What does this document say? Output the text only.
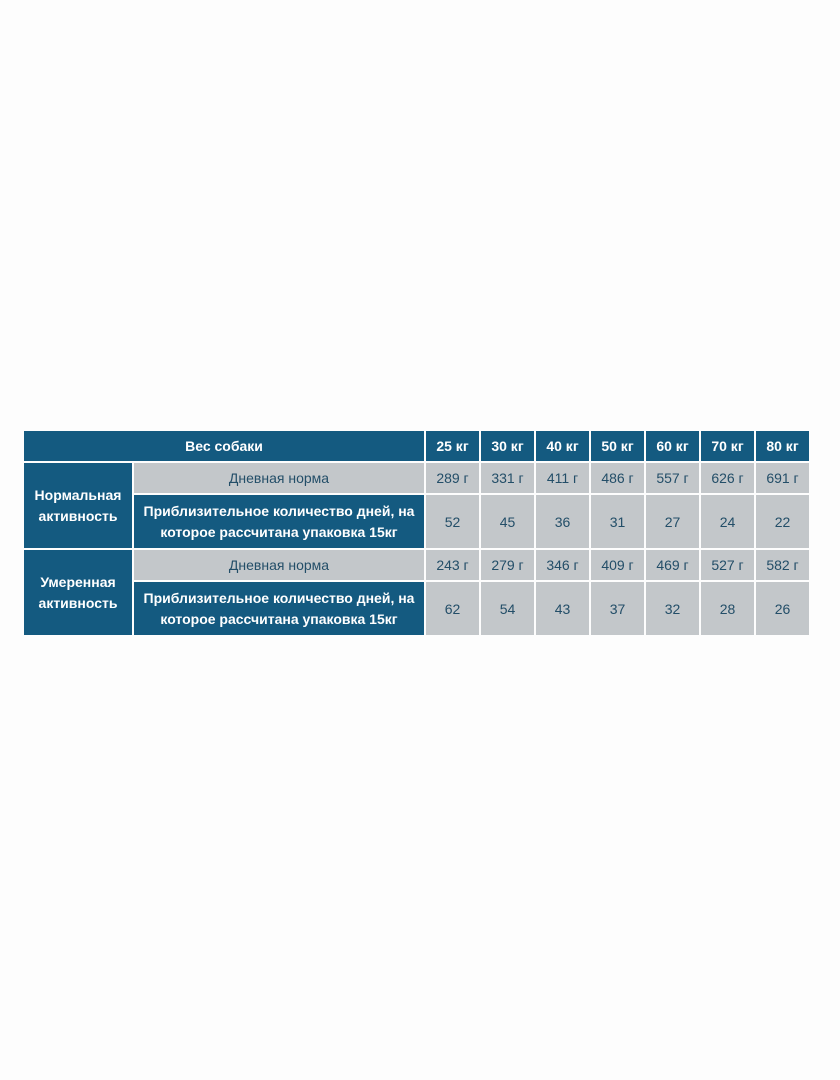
Вес собаки		25 кг	30 кг	40 кг	50 кг	60 кг	70 кг	80 кг
Нормальная активность	Дневная норма	289 г	331 г	411 г	486 г	557 г	626 г	691 г
	Приблизительное количество дней, на которое рассчитана упаковка 15кг	52	45	36	31	27	24	22
Умеренная активность	Дневная норма	243 г	279 г	346 г	409 г	469 г	527 г	582 г
	Приблизительное количество дней, на которое рассчитана упаковка 15кг	62	54	43	37	32	28	26
